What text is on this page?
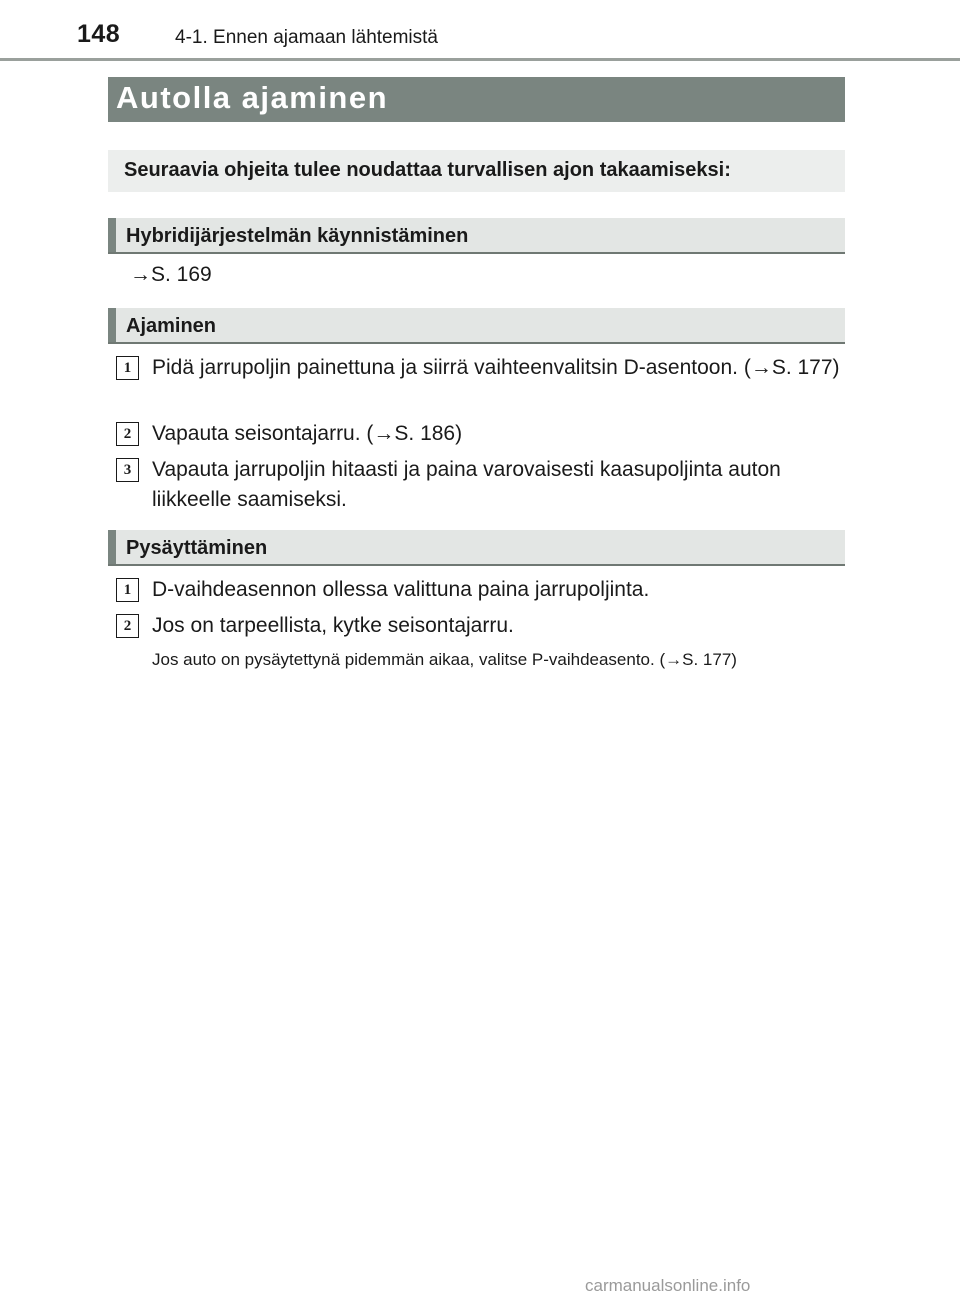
148	4-1. Ennen ajamaan lähtemistä
Autolla ajaminen
Seuraavia ohjeita tulee noudattaa turvallisen ajon takaamiseksi:
Hybridijärjestelmän käynnistäminen
→S. 169
Ajaminen
1 Pidä jarrupoljin painettuna ja siirrä vaihteenvalitsin D-asentoon. (→S. 177)
2 Vapauta seisontajarru. (→S. 186)
3 Vapauta jarrupoljin hitaasti ja paina varovaisesti kaasupoljinta auton liikkeelle saamiseksi.
Pysäyttäminen
1 D-vaihdeasennon ollessa valittuna paina jarrupoljinta.
2 Jos on tarpeellista, kytke seisontajarru.
Jos auto on pysäytettynä pidemmän aikaa, valitse P-vaihdeasento. (→S. 177)
carmanualsonline.info
